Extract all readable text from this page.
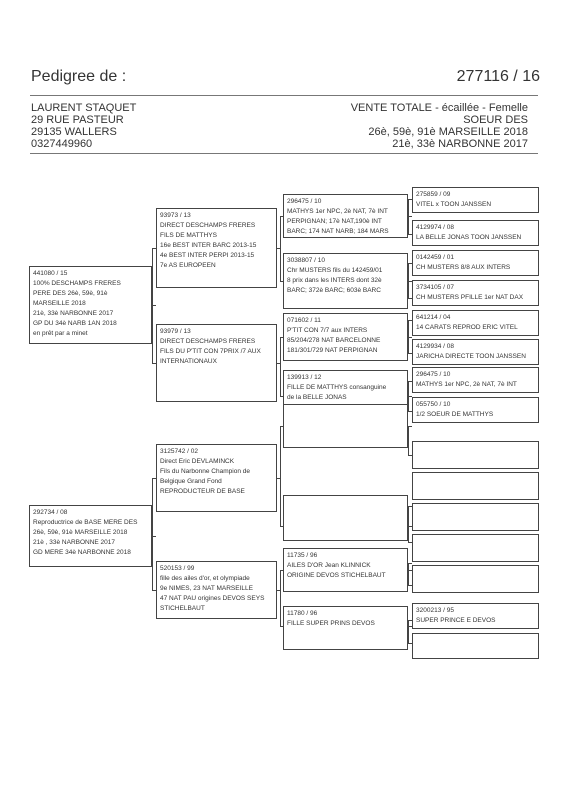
Pedigree de :	277116 / 16
LAURENT STAQUET
29 RUE PASTEUR
29135 WALLERS
0327449960
VENTE TOTALE - écaillée - Femelle
SOEUR DES
26è, 59è, 91è MARSEILLE 2018
21è, 33è NARBONNE 2017
441080 / 15
100% DESCHAMPS FRERES
PERE DES 26è, 59è, 91è
MARSEILLE 2018
21è, 33è NARBONNE 2017
GP DU 34è NARB 1AN 2018
en prêt par a minet
292734 / 08
Reproductrice de BASE MERE DES
26è, 59è, 91è MARSEILLE 2018
21è , 33è NARBONNE 2017
GD MERE 34è NARBONNE 2018
93973 / 13
DIRECT DESCHAMPS FRERES
FILS DE MATTHYS
16e BEST INTER BARC 2013-15
4e BEST INTER PERPI 2013-15
7e AS EUROPEEN
93979 / 13
DIRECT DESCHAMPS FRERES
FILS DU P'TIT CON 7PRIX /7 AUX
INTERNATIONAUX
3125742 / 02
Direct Eric DEVLAMINCK
Fils du Narbonne Champion de
Belgique Grand Fond
REPRODUCTEUR DE BASE
520153 / 99
fille des ailes d'or, et olympiade
9e NIMES, 23 NAT MARSEILLE
47 NAT PAU origines DEVOS SEYS
STICHELBAUT
296475 / 10
MATHYS 1er NPC, 2è NAT, 7è INT
PERPIGNAN; 17è NAT,190è INT
BARC; 174 NAT NARB; 184 MARS
3038807 / 10
Chr MUSTERS fils du 142459/01
8 prix dans les INTERS dont 32è
BARC; 372è BARC; 603è BARC
071602 / 11
P'TIT CON 7/7 aux INTERS
85/204/278 NAT BARCELONNE
181/301/729 NAT PERPIGNAN
139913 / 12
FILLE DE MATTHYS consanguine
de la BELLE JONAS
11735 / 96
AILES D'OR Jean KLINNICK
ORIGINE DEVOS STICHELBAUT
11780 / 96
FILLE SUPER PRINS DEVOS
275859 / 09
VITEL x TOON JANSSEN
4129974 / 08
LA BELLE JONAS TOON JANSSEN
0142459 / 01
CH MUSTERS 8/8 AUX INTERS
3734105 / 07
CH MUSTERS PFILLE 1er NAT DAX
641214 / 04
14 CARATS REPROD ERIC VITEL
4129934 / 08
JARICHA DIRECTE TOON JANSSEN
296475 / 10
MATHYS 1er NPC, 2è NAT, 7è INT
055750 / 10
1/2 SOEUR DE MATTHYS
3200213 / 95
SUPER PRINCE E DEVOS
